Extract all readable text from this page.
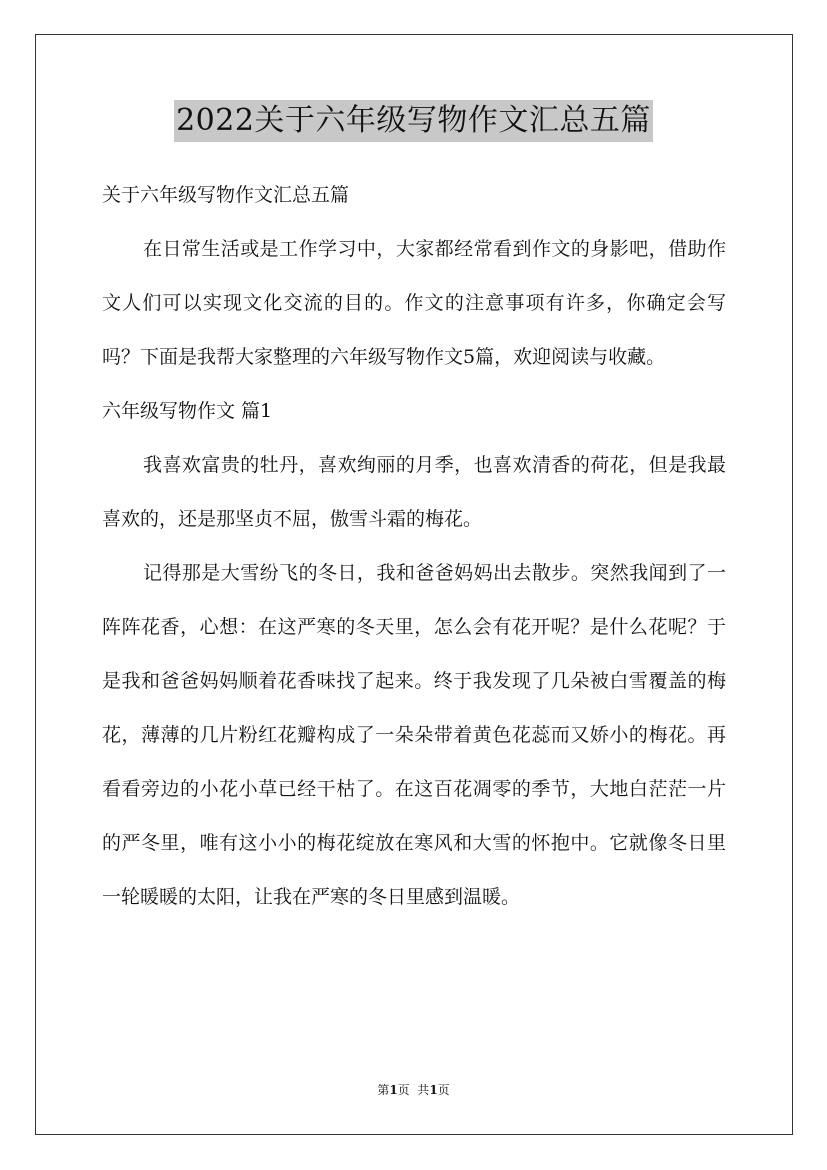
2022关于六年级写物作文汇总五篇

关于六年级写物作文汇总五篇

在日常生活或是工作学习中，大家都经常看到作文的身影吧，借助作文人们可以实现文化交流的目的。作文的注意事项有许多，你确定会写吗？下面是我帮大家整理的六年级写物作文5篇，欢迎阅读与收藏。

六年级写物作文 篇1

我喜欢富贵的牡丹，喜欢绚丽的月季，也喜欢清香的荷花，但是我最喜欢的，还是那坚贞不屈，傲雪斗霜的梅花。

记得那是大雪纷飞的冬日，我和爸爸妈妈出去散步。突然我闻到了一阵阵花香，心想：在这严寒的冬天里，怎么会有花开呢？是什么花呢？于是我和爸爸妈妈顺着花香味找了起来。终于我发现了几朵被白雪覆盖的梅花，薄薄的几片粉红花瓣构成了一朵朵带着黄色花蕊而又娇小的梅花。再看看旁边的小花小草已经干枯了。在这百花凋零的季节，大地白茫茫一片的严冬里，唯有这小小的梅花绽放在寒风和大雪的怀抱中。它就像冬日里一轮暖暖的太阳，让我在严寒的冬日里感到温暖。

第1页  共1页
